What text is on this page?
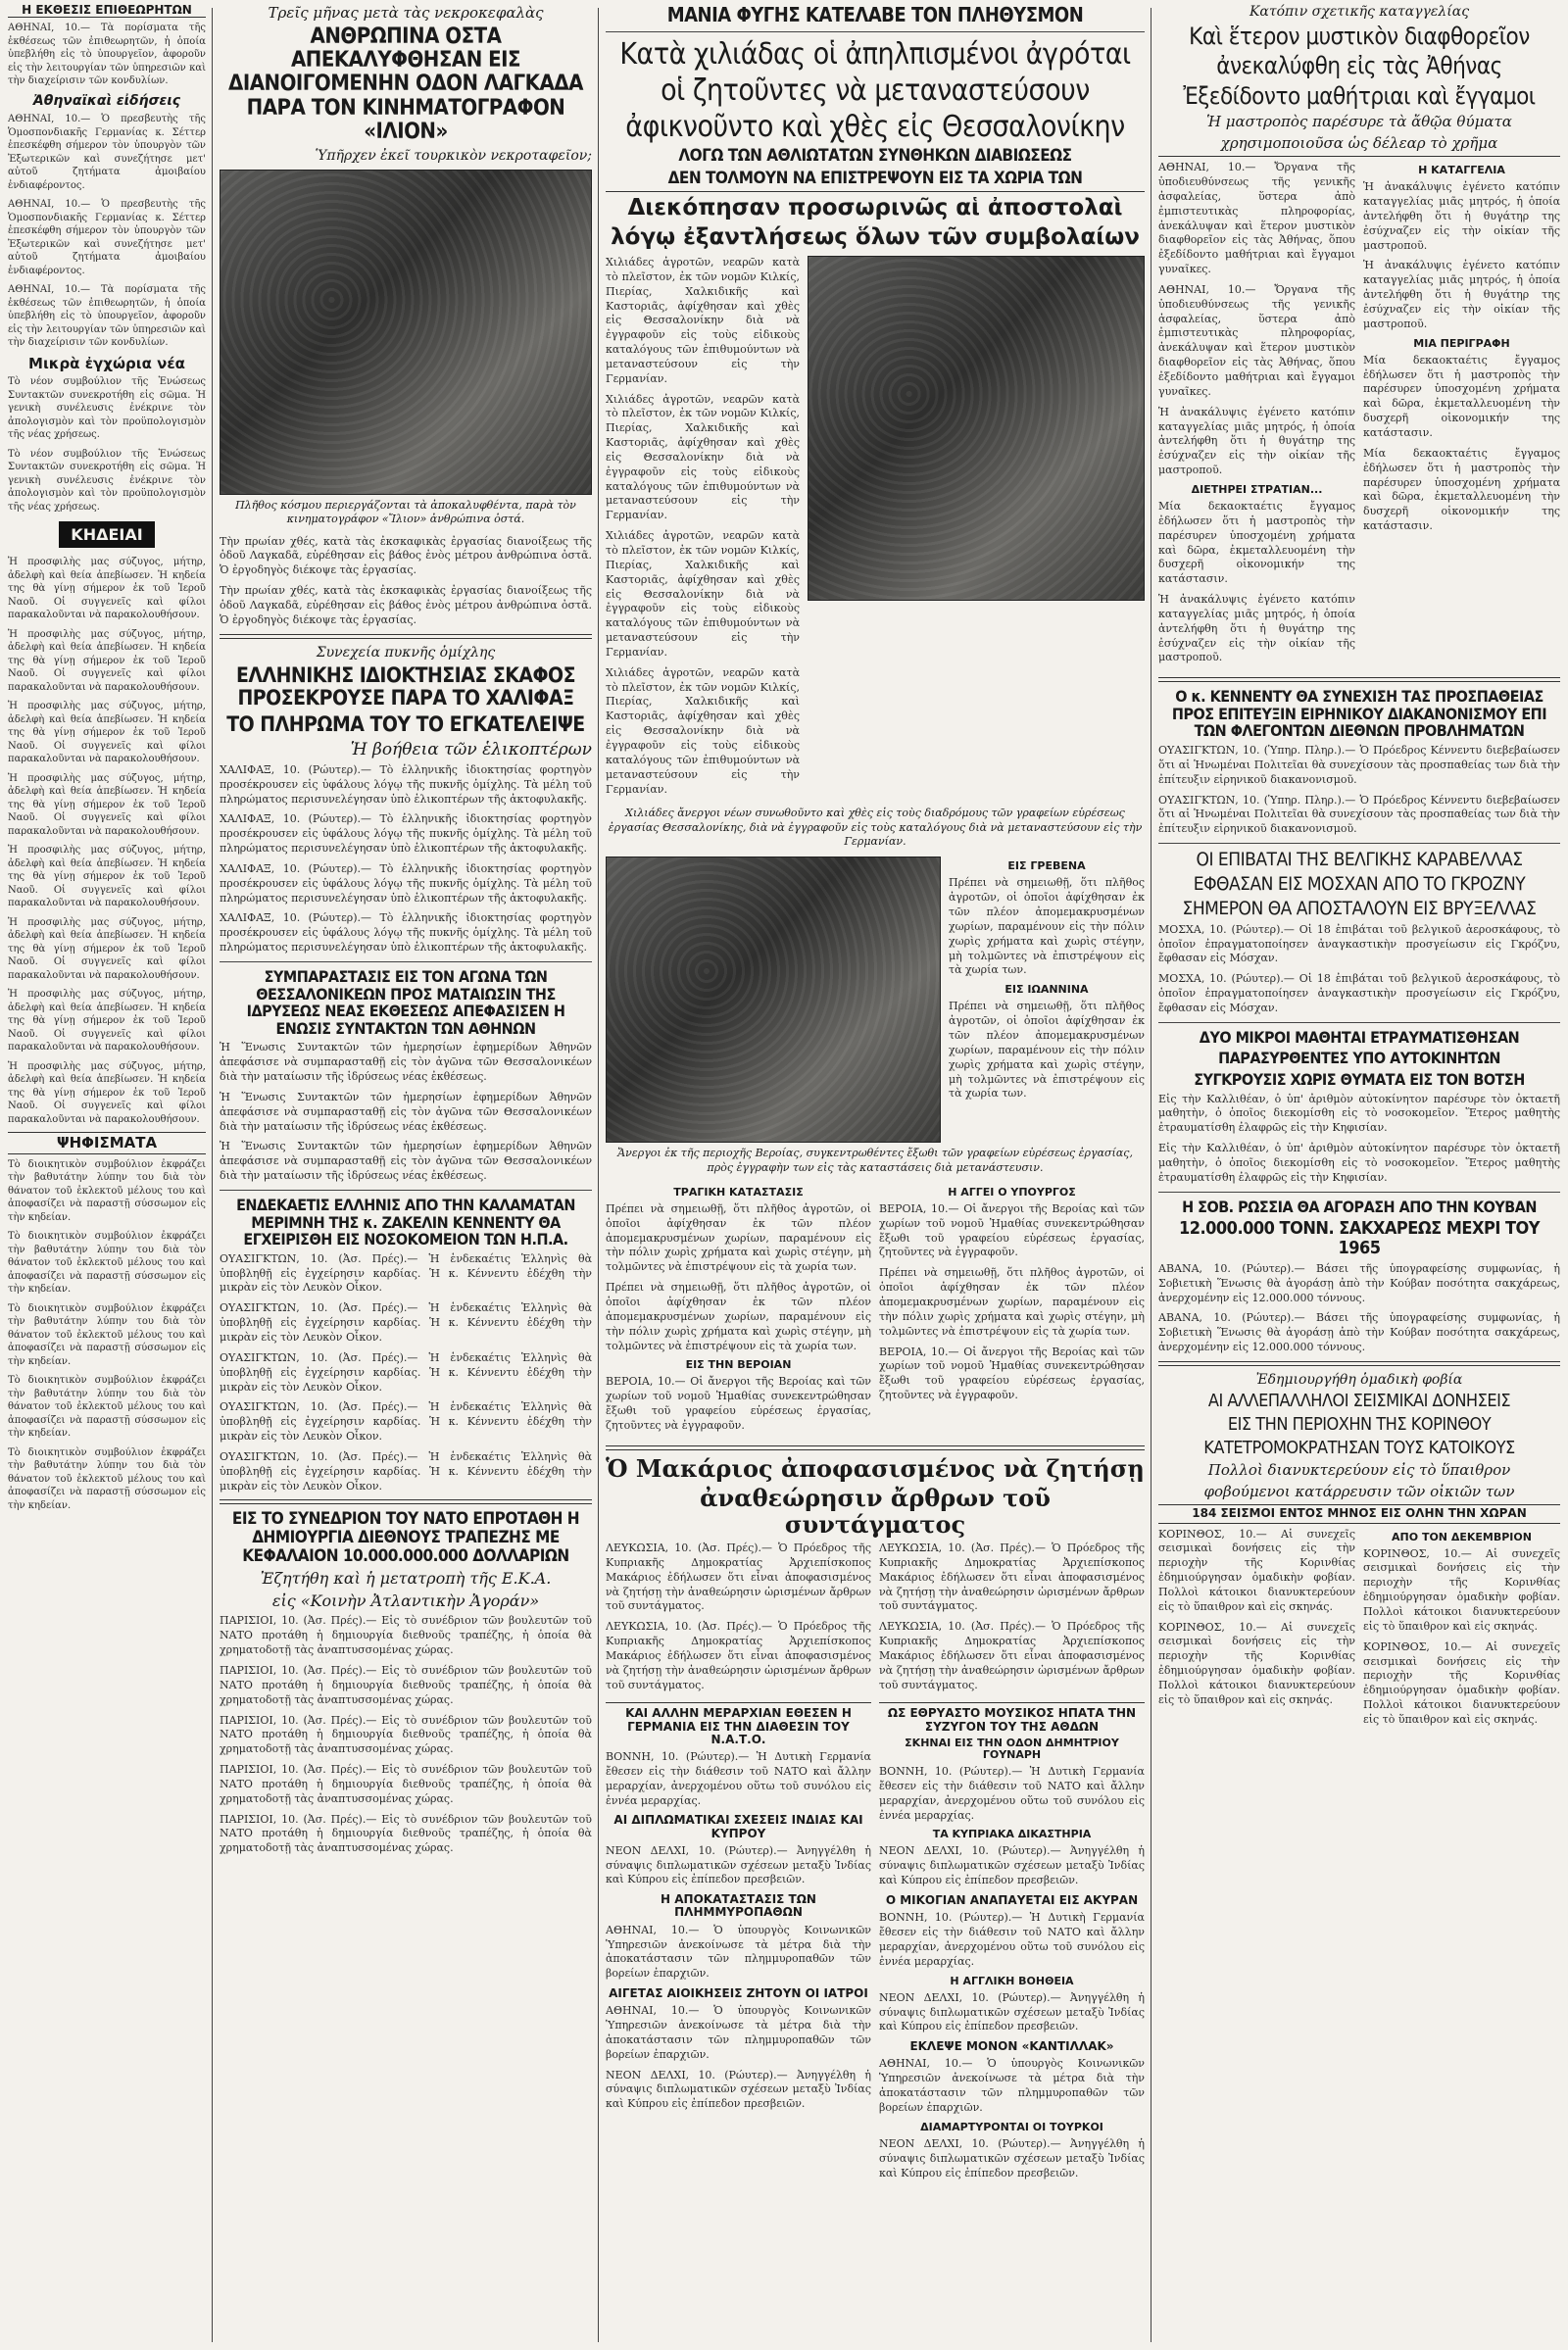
Η ΕΚΘΕΣΙΣ ΕΠΙΘΕΩΡΗΤΩΝ

ΑΘΗΝΑΙ, 10.— Τὰ πορίσματα τῆς ἐκθέσεως τῶν ἐπιθεωρητῶν, ἡ ὁποία ὑπεβλήθη εἰς τὸ ὑπουργεῖον, ἀφοροῦν εἰς τὴν λειτουργίαν τῶν ὑπηρεσιῶν καὶ τὴν διαχείρισιν τῶν κονδυλίων.

Ἀθηναϊκαὶ εἰδήσεις

ΑΘΗΝΑΙ, 10.— Ὁ πρεσβευτὴς τῆς Ὁμοσπονδιακῆς Γερμανίας κ. Σέττερ ἐπεσκέφθη σήμερον τὸν ὑπουργὸν τῶν Ἐξωτερικῶν καὶ συνεζήτησε μετ' αὐτοῦ ζητήματα ἀμοιβαίου ἐνδιαφέροντος.

ΑΘΗΝΑΙ, 10.— Ὁ πρεσβευτὴς τῆς Ὁμοσπονδιακῆς Γερμανίας κ. Σέττερ ἐπεσκέφθη σήμερον τὸν ὑπουργὸν τῶν Ἐξωτερικῶν καὶ συνεζήτησε μετ' αὐτοῦ ζητήματα ἀμοιβαίου ἐνδιαφέροντος.

ΑΘΗΝΑΙ, 10.— Τὰ πορίσματα τῆς ἐκθέσεως τῶν ἐπιθεωρητῶν, ἡ ὁποία ὑπεβλήθη εἰς τὸ ὑπουργεῖον, ἀφοροῦν εἰς τὴν λειτουργίαν τῶν ὑπηρεσιῶν καὶ τὴν διαχείρισιν τῶν κονδυλίων.

Μικρὰ ἐγχώρια νέα

Τὸ νέον συμβούλιον τῆς Ἑνώσεως Συντακτῶν συνεκροτήθη εἰς σῶμα. Ἡ γενικὴ συνέλευσις ἐνέκρινε τὸν ἀπολογισμὸν καὶ τὸν προϋπολογισμὸν τῆς νέας χρήσεως.

Τὸ νέον συμβούλιον τῆς Ἑνώσεως Συντακτῶν συνεκροτήθη εἰς σῶμα. Ἡ γενικὴ συνέλευσις ἐνέκρινε τὸν ἀπολογισμὸν καὶ τὸν προϋπολογισμὸν τῆς νέας χρήσεως.

ΚΗΔΕΙΑΙ

Ἡ προσφιλὴς μας σύζυγος, μήτηρ, ἀδελφὴ καὶ θεία ἀπεβίωσεν. Ἡ κηδεία της θὰ γίνῃ σήμερον ἐκ τοῦ Ἱεροῦ Ναοῦ. Οἱ συγγενεῖς καὶ φίλοι παρακαλοῦνται νὰ παρακολουθήσουν.

Ἡ προσφιλὴς μας σύζυγος, μήτηρ, ἀδελφὴ καὶ θεία ἀπεβίωσεν. Ἡ κηδεία της θὰ γίνῃ σήμερον ἐκ τοῦ Ἱεροῦ Ναοῦ. Οἱ συγγενεῖς καὶ φίλοι παρακαλοῦνται νὰ παρακολουθήσουν.

Ἡ προσφιλὴς μας σύζυγος, μήτηρ, ἀδελφὴ καὶ θεία ἀπεβίωσεν. Ἡ κηδεία της θὰ γίνῃ σήμερον ἐκ τοῦ Ἱεροῦ Ναοῦ. Οἱ συγγενεῖς καὶ φίλοι παρακαλοῦνται νὰ παρακολουθήσουν.

Ἡ προσφιλὴς μας σύζυγος, μήτηρ, ἀδελφὴ καὶ θεία ἀπεβίωσεν. Ἡ κηδεία της θὰ γίνῃ σήμερον ἐκ τοῦ Ἱεροῦ Ναοῦ. Οἱ συγγενεῖς καὶ φίλοι παρακαλοῦνται νὰ παρακολουθήσουν.

Ἡ προσφιλὴς μας σύζυγος, μήτηρ, ἀδελφὴ καὶ θεία ἀπεβίωσεν. Ἡ κηδεία της θὰ γίνῃ σήμερον ἐκ τοῦ Ἱεροῦ Ναοῦ. Οἱ συγγενεῖς καὶ φίλοι παρακαλοῦνται νὰ παρακολουθήσουν.

Ἡ προσφιλὴς μας σύζυγος, μήτηρ, ἀδελφὴ καὶ θεία ἀπεβίωσεν. Ἡ κηδεία της θὰ γίνῃ σήμερον ἐκ τοῦ Ἱεροῦ Ναοῦ. Οἱ συγγενεῖς καὶ φίλοι παρακαλοῦνται νὰ παρακολουθήσουν.

Ἡ προσφιλὴς μας σύζυγος, μήτηρ, ἀδελφὴ καὶ θεία ἀπεβίωσεν. Ἡ κηδεία της θὰ γίνῃ σήμερον ἐκ τοῦ Ἱεροῦ Ναοῦ. Οἱ συγγενεῖς καὶ φίλοι παρακαλοῦνται νὰ παρακολουθήσουν.

Ἡ προσφιλὴς μας σύζυγος, μήτηρ, ἀδελφὴ καὶ θεία ἀπεβίωσεν. Ἡ κηδεία της θὰ γίνῃ σήμερον ἐκ τοῦ Ἱεροῦ Ναοῦ. Οἱ συγγενεῖς καὶ φίλοι παρακαλοῦνται νὰ παρακολουθήσουν.

ΨΗΦΙΣΜΑΤΑ

Τὸ διοικητικὸν συμβούλιον ἐκφράζει τὴν βαθυτάτην λύπην του διὰ τὸν θάνατον τοῦ ἐκλεκτοῦ μέλους του καὶ ἀποφασίζει νὰ παραστῇ σύσσωμον εἰς τὴν κηδείαν.

Τὸ διοικητικὸν συμβούλιον ἐκφράζει τὴν βαθυτάτην λύπην του διὰ τὸν θάνατον τοῦ ἐκλεκτοῦ μέλους του καὶ ἀποφασίζει νὰ παραστῇ σύσσωμον εἰς τὴν κηδείαν.

Τὸ διοικητικὸν συμβούλιον ἐκφράζει τὴν βαθυτάτην λύπην του διὰ τὸν θάνατον τοῦ ἐκλεκτοῦ μέλους του καὶ ἀποφασίζει νὰ παραστῇ σύσσωμον εἰς τὴν κηδείαν.

Τὸ διοικητικὸν συμβούλιον ἐκφράζει τὴν βαθυτάτην λύπην του διὰ τὸν θάνατον τοῦ ἐκλεκτοῦ μέλους του καὶ ἀποφασίζει νὰ παραστῇ σύσσωμον εἰς τὴν κηδείαν.

Τὸ διοικητικὸν συμβούλιον ἐκφράζει τὴν βαθυτάτην λύπην του διὰ τὸν θάνατον τοῦ ἐκλεκτοῦ μέλους του καὶ ἀποφασίζει νὰ παραστῇ σύσσωμον εἰς τὴν κηδείαν.

Τρεῖς μῆνας μετὰ τὰς νεκροκεφαλὰς
ΑΝΘΡΩΠΙΝΑ ΟΣΤΑ ΑΠΕΚΑΛΥΦΘΗΣΑΝ ΕΙΣ ΔΙΑΝΟΙΓΟΜΕΝΗΝ ΟΔΟΝ ΛΑΓΚΑΔΑ ΠΑΡΑ ΤΟΝ ΚΙΝΗΜΑΤΟΓΡΑΦΟΝ «ΙΛΙΟΝ»
Ὑπῆρχεν ἐκεῖ τουρκικὸν νεκροταφεῖον;
Πλῆθος κόσμου περιεργάζονται τὰ ἀποκαλυφθέντα, παρὰ τὸν κινηματογράφον «Ἴλιον» ἀνθρώπινα ὀστά.

Τὴν πρωίαν χθές, κατὰ τὰς ἐκσκαφικὰς ἐργασίας διανοίξεως τῆς ὁδοῦ Λαγκαδᾶ, εὑρέθησαν εἰς βάθος ἑνὸς μέτρου ἀνθρώπινα ὀστᾶ. Ὁ ἐργοδηγὸς διέκοψε τὰς ἐργασίας.

Τὴν πρωίαν χθές, κατὰ τὰς ἐκσκαφικὰς ἐργασίας διανοίξεως τῆς ὁδοῦ Λαγκαδᾶ, εὑρέθησαν εἰς βάθος ἑνὸς μέτρου ἀνθρώπινα ὀστᾶ. Ὁ ἐργοδηγὸς διέκοψε τὰς ἐργασίας.

Συνεχεία πυκνῆς ὁμίχλης
ΕΛΛΗΝΙΚΗΣ ΙΔΙΟΚΤΗΣΙΑΣ ΣΚΑΦΟΣ ΠΡΟΣΕΚΡΟΥΣΕ ΠΑΡΑ ΤΟ ΧΑΛΙΦΑΞ
ΤΟ ΠΛΗΡΩΜΑ ΤΟΥ ΤΟ ΕΓΚΑΤΕΛΕΙΨΕ
Ἡ βοήθεια τῶν ἑλικοπτέρων

ΧΑΛΙΦΑΞ, 10. (Ρώυτερ).— Τὸ ἑλληνικῆς ἰδιοκτησίας φορτηγὸν προσέκρουσεν εἰς ὑφάλους λόγῳ τῆς πυκνῆς ὁμίχλης. Τὰ μέλη τοῦ πληρώματος περισυνελέγησαν ὑπὸ ἑλικοπτέρων τῆς ἀκτοφυλακῆς.

ΧΑΛΙΦΑΞ, 10. (Ρώυτερ).— Τὸ ἑλληνικῆς ἰδιοκτησίας φορτηγὸν προσέκρουσεν εἰς ὑφάλους λόγῳ τῆς πυκνῆς ὁμίχλης. Τὰ μέλη τοῦ πληρώματος περισυνελέγησαν ὑπὸ ἑλικοπτέρων τῆς ἀκτοφυλακῆς.

ΧΑΛΙΦΑΞ, 10. (Ρώυτερ).— Τὸ ἑλληνικῆς ἰδιοκτησίας φορτηγὸν προσέκρουσεν εἰς ὑφάλους λόγῳ τῆς πυκνῆς ὁμίχλης. Τὰ μέλη τοῦ πληρώματος περισυνελέγησαν ὑπὸ ἑλικοπτέρων τῆς ἀκτοφυλακῆς.

ΧΑΛΙΦΑΞ, 10. (Ρώυτερ).— Τὸ ἑλληνικῆς ἰδιοκτησίας φορτηγὸν προσέκρουσεν εἰς ὑφάλους λόγῳ τῆς πυκνῆς ὁμίχλης. Τὰ μέλη τοῦ πληρώματος περισυνελέγησαν ὑπὸ ἑλικοπτέρων τῆς ἀκτοφυλακῆς.

ΣΥΜΠΑΡΑΣΤΑΣΙΣ ΕΙΣ ΤΟΝ ΑΓΩΝΑ ΤΩΝ ΘΕΣΣΑΛΟΝΙΚΕΩΝ ΠΡΟΣ ΜΑΤΑΙΩΣΙΝ ΤΗΣ ΙΔΡΥΣΕΩΣ ΝΕΑΣ ΕΚΘΕΣΕΩΣ ΑΠΕΦΑΣΙΣΕΝ Η ΕΝΩΣΙΣ ΣΥΝΤΑΚΤΩΝ ΤΩΝ ΑΘΗΝΩΝ

Ἡ Ἕνωσις Συντακτῶν τῶν ἡμερησίων ἐφημερίδων Ἀθηνῶν ἀπεφάσισε νὰ συμπαρασταθῇ εἰς τὸν ἀγῶνα τῶν Θεσσαλονικέων διὰ τὴν ματαίωσιν τῆς ἱδρύσεως νέας ἐκθέσεως.

Ἡ Ἕνωσις Συντακτῶν τῶν ἡμερησίων ἐφημερίδων Ἀθηνῶν ἀπεφάσισε νὰ συμπαρασταθῇ εἰς τὸν ἀγῶνα τῶν Θεσσαλονικέων διὰ τὴν ματαίωσιν τῆς ἱδρύσεως νέας ἐκθέσεως.

Ἡ Ἕνωσις Συντακτῶν τῶν ἡμερησίων ἐφημερίδων Ἀθηνῶν ἀπεφάσισε νὰ συμπαρασταθῇ εἰς τὸν ἀγῶνα τῶν Θεσσαλονικέων διὰ τὴν ματαίωσιν τῆς ἱδρύσεως νέας ἐκθέσεως.

ΕΝΔΕΚΑΕΤΙΣ ΕΛΛΗΝΙΣ ΑΠΟ ΤΗΝ ΚΑΛΑΜΑΤΑΝ ΜΕΡΙΜΝΗ ΤΗΣ κ. ΖΑΚΕΛΙΝ ΚΕΝΝΕΝΤΥ ΘΑ ΕΓΧΕΙΡΙΣΘΗ ΕΙΣ ΝΟΣΟΚΟΜΕΙΟΝ ΤΩΝ Η.Π.Α.

ΟΥΑΣΙΓΚΤΩΝ, 10. (Ἀσ. Πρές).— Ἡ ἑνδεκαέτις Ἑλληνὶς θὰ ὑποβληθῇ εἰς ἐγχείρησιν καρδίας. Ἡ κ. Κέννεντυ ἐδέχθη τὴν μικρὰν εἰς τὸν Λευκὸν Οἶκον.

ΟΥΑΣΙΓΚΤΩΝ, 10. (Ἀσ. Πρές).— Ἡ ἑνδεκαέτις Ἑλληνὶς θὰ ὑποβληθῇ εἰς ἐγχείρησιν καρδίας. Ἡ κ. Κέννεντυ ἐδέχθη τὴν μικρὰν εἰς τὸν Λευκὸν Οἶκον.

ΟΥΑΣΙΓΚΤΩΝ, 10. (Ἀσ. Πρές).— Ἡ ἑνδεκαέτις Ἑλληνὶς θὰ ὑποβληθῇ εἰς ἐγχείρησιν καρδίας. Ἡ κ. Κέννεντυ ἐδέχθη τὴν μικρὰν εἰς τὸν Λευκὸν Οἶκον.

ΟΥΑΣΙΓΚΤΩΝ, 10. (Ἀσ. Πρές).— Ἡ ἑνδεκαέτις Ἑλληνὶς θὰ ὑποβληθῇ εἰς ἐγχείρησιν καρδίας. Ἡ κ. Κέννεντυ ἐδέχθη τὴν μικρὰν εἰς τὸν Λευκὸν Οἶκον.

ΟΥΑΣΙΓΚΤΩΝ, 10. (Ἀσ. Πρές).— Ἡ ἑνδεκαέτις Ἑλληνὶς θὰ ὑποβληθῇ εἰς ἐγχείρησιν καρδίας. Ἡ κ. Κέννεντυ ἐδέχθη τὴν μικρὰν εἰς τὸν Λευκὸν Οἶκον.

ΕΙΣ ΤΟ ΣΥΝΕΔΡΙΟΝ ΤΟΥ ΝΑΤΟ ΕΠΡΟΤΑΘΗ Η ΔΗΜΙΟΥΡΓΙΑ ΔΙΕΘΝΟΥΣ ΤΡΑΠΕΖΗΣ ΜΕ ΚΕΦΑΛΑΙΟΝ 10.000.000.000 ΔΟΛΛΑΡΙΩΝ
Ἐζητήθη καὶ ἡ μετατροπὴ τῆς Ε.Κ.Α.
εἰς «Κοινὴν Ἀτλαντικὴν Ἀγοράν»

ΠΑΡΙΣΙΟΙ, 10. (Ἀσ. Πρές).— Εἰς τὸ συνέδριον τῶν βουλευτῶν τοῦ ΝΑΤΟ προτάθη ἡ δημιουργία διεθνοῦς τραπέζης, ἡ ὁποία θὰ χρηματοδοτῇ τὰς ἀναπτυσσομένας χώρας.

ΠΑΡΙΣΙΟΙ, 10. (Ἀσ. Πρές).— Εἰς τὸ συνέδριον τῶν βουλευτῶν τοῦ ΝΑΤΟ προτάθη ἡ δημιουργία διεθνοῦς τραπέζης, ἡ ὁποία θὰ χρηματοδοτῇ τὰς ἀναπτυσσομένας χώρας.

ΠΑΡΙΣΙΟΙ, 10. (Ἀσ. Πρές).— Εἰς τὸ συνέδριον τῶν βουλευτῶν τοῦ ΝΑΤΟ προτάθη ἡ δημιουργία διεθνοῦς τραπέζης, ἡ ὁποία θὰ χρηματοδοτῇ τὰς ἀναπτυσσομένας χώρας.

ΠΑΡΙΣΙΟΙ, 10. (Ἀσ. Πρές).— Εἰς τὸ συνέδριον τῶν βουλευτῶν τοῦ ΝΑΤΟ προτάθη ἡ δημιουργία διεθνοῦς τραπέζης, ἡ ὁποία θὰ χρηματοδοτῇ τὰς ἀναπτυσσομένας χώρας.

ΠΑΡΙΣΙΟΙ, 10. (Ἀσ. Πρές).— Εἰς τὸ συνέδριον τῶν βουλευτῶν τοῦ ΝΑΤΟ προτάθη ἡ δημιουργία διεθνοῦς τραπέζης, ἡ ὁποία θὰ χρηματοδοτῇ τὰς ἀναπτυσσομένας χώρας.

ΜΑΝΙΑ ΦΥΓΗΣ ΚΑΤΕΛΑΒΕ ΤΟΝ ΠΛΗΘΥΣΜΟΝ
Κατὰ χιλιάδας οἱ ἀπηλπισμένοι ἀγρόται
οἱ ζητοῦντες νὰ μεταναστεύσουν
ἀφικνοῦντο καὶ χθὲς εἰς Θεσσαλονίκην
ΛΟΓΩ ΤΩΝ ΑΘΛΙΩΤΑΤΩΝ ΣΥΝΘΗΚΩΝ ΔΙΑΒΙΩΣΕΩΣ
ΔΕΝ ΤΟΛΜΟΥΝ ΝΑ ΕΠΙΣΤΡΕΨΟΥΝ ΕΙΣ ΤΑ ΧΩΡΙΑ ΤΩΝ
Διεκόπησαν προσωρινῶς αἱ ἀποστολαὶ
λόγῳ ἐξαντλήσεως ὅλων τῶν συμβολαίων

Χιλιάδες ἀγροτῶν, νεαρῶν κατὰ τὸ πλεῖστον, ἐκ τῶν νομῶν Κιλκίς, Πιερίας, Χαλκιδικῆς καὶ Καστοριᾶς, ἀφίχθησαν καὶ χθὲς εἰς Θεσσαλονίκην διὰ νὰ ἐγγραφοῦν εἰς τοὺς εἰδικοὺς καταλόγους τῶν ἐπιθυμούντων νὰ μεταναστεύσουν εἰς τὴν Γερμανίαν.

Χιλιάδες ἀγροτῶν, νεαρῶν κατὰ τὸ πλεῖστον, ἐκ τῶν νομῶν Κιλκίς, Πιερίας, Χαλκιδικῆς καὶ Καστοριᾶς, ἀφίχθησαν καὶ χθὲς εἰς Θεσσαλονίκην διὰ νὰ ἐγγραφοῦν εἰς τοὺς εἰδικοὺς καταλόγους τῶν ἐπιθυμούντων νὰ μεταναστεύσουν εἰς τὴν Γερμανίαν.

Χιλιάδες ἀγροτῶν, νεαρῶν κατὰ τὸ πλεῖστον, ἐκ τῶν νομῶν Κιλκίς, Πιερίας, Χαλκιδικῆς καὶ Καστοριᾶς, ἀφίχθησαν καὶ χθὲς εἰς Θεσσαλονίκην διὰ νὰ ἐγγραφοῦν εἰς τοὺς εἰδικοὺς καταλόγους τῶν ἐπιθυμούντων νὰ μεταναστεύσουν εἰς τὴν Γερμανίαν.

Χιλιάδες ἀγροτῶν, νεαρῶν κατὰ τὸ πλεῖστον, ἐκ τῶν νομῶν Κιλκίς, Πιερίας, Χαλκιδικῆς καὶ Καστοριᾶς, ἀφίχθησαν καὶ χθὲς εἰς Θεσσαλονίκην διὰ νὰ ἐγγραφοῦν εἰς τοὺς εἰδικοὺς καταλόγους τῶν ἐπιθυμούντων νὰ μεταναστεύσουν εἰς τὴν Γερμανίαν.

Χιλιάδες ἄνεργοι νέων συνωθοῦντο καὶ χθὲς εἰς τοὺς διαδρόμους τῶν γραφείων εὑρέσεως ἐργασίας Θεσσαλονίκης, διὰ νὰ ἐγγραφοῦν εἰς τοὺς καταλόγους διὰ νὰ μεταναστεύσουν εἰς τὴν Γερμανίαν.
ΕΙΣ ΓΡΕΒΕΝΑ

Πρέπει νὰ σημειωθῇ, ὅτι πλῆθος ἀγροτῶν, οἱ ὁποῖοι ἀφίχθησαν ἐκ τῶν πλέον ἀπομεμακρυσμένων χωρίων, παραμένουν εἰς τὴν πόλιν χωρὶς χρήματα καὶ χωρὶς στέγην, μὴ τολμῶντες νὰ ἐπιστρέψουν εἰς τὰ χωρία των.

ΕΙΣ ΙΩΑΝΝΙΝΑ

Πρέπει νὰ σημειωθῇ, ὅτι πλῆθος ἀγροτῶν, οἱ ὁποῖοι ἀφίχθησαν ἐκ τῶν πλέον ἀπομεμακρυσμένων χωρίων, παραμένουν εἰς τὴν πόλιν χωρὶς χρήματα καὶ χωρὶς στέγην, μὴ τολμῶντες νὰ ἐπιστρέψουν εἰς τὰ χωρία των.

Ἄνεργοι ἐκ τῆς περιοχῆς Βεροίας, συγκεντρωθέντες ἔξωθι τῶν γραφείων εὑρέσεως ἐργασίας, πρὸς ἐγγραφὴν των εἰς τὰς καταστάσεις διὰ μετανάστευσιν.
ΤΡΑΓΙΚΗ ΚΑΤΑΣΤΑΣΙΣ

Πρέπει νὰ σημειωθῇ, ὅτι πλῆθος ἀγροτῶν, οἱ ὁποῖοι ἀφίχθησαν ἐκ τῶν πλέον ἀπομεμακρυσμένων χωρίων, παραμένουν εἰς τὴν πόλιν χωρὶς χρήματα καὶ χωρὶς στέγην, μὴ τολμῶντες νὰ ἐπιστρέψουν εἰς τὰ χωρία των.

Πρέπει νὰ σημειωθῇ, ὅτι πλῆθος ἀγροτῶν, οἱ ὁποῖοι ἀφίχθησαν ἐκ τῶν πλέον ἀπομεμακρυσμένων χωρίων, παραμένουν εἰς τὴν πόλιν χωρὶς χρήματα καὶ χωρὶς στέγην, μὴ τολμῶντες νὰ ἐπιστρέψουν εἰς τὰ χωρία των.

ΕΙΣ ΤΗΝ ΒΕΡΟΙΑΝ

ΒΕΡΟΙΑ, 10.— Οἱ ἄνεργοι τῆς Βεροίας καὶ τῶν χωρίων τοῦ νομοῦ Ἠμαθίας συνεκεντρώθησαν ἔξωθι τοῦ γραφείου εὑρέσεως ἐργασίας, ζητοῦντες νὰ ἐγγραφοῦν.

Η ΑΓΓΕΙ Ο ΥΠΟΥΡΓΟΣ

ΒΕΡΟΙΑ, 10.— Οἱ ἄνεργοι τῆς Βεροίας καὶ τῶν χωρίων τοῦ νομοῦ Ἠμαθίας συνεκεντρώθησαν ἔξωθι τοῦ γραφείου εὑρέσεως ἐργασίας, ζητοῦντες νὰ ἐγγραφοῦν.

Πρέπει νὰ σημειωθῇ, ὅτι πλῆθος ἀγροτῶν, οἱ ὁποῖοι ἀφίχθησαν ἐκ τῶν πλέον ἀπομεμακρυσμένων χωρίων, παραμένουν εἰς τὴν πόλιν χωρὶς χρήματα καὶ χωρὶς στέγην, μὴ τολμῶντες νὰ ἐπιστρέψουν εἰς τὰ χωρία των.

ΒΕΡΟΙΑ, 10.— Οἱ ἄνεργοι τῆς Βεροίας καὶ τῶν χωρίων τοῦ νομοῦ Ἠμαθίας συνεκεντρώθησαν ἔξωθι τοῦ γραφείου εὑρέσεως ἐργασίας, ζητοῦντες νὰ ἐγγραφοῦν.

Ὁ Μακάριος ἀποφασισμένος νὰ ζητήσῃ
ἀναθεώρησιν ἄρθρων τοῦ συντάγματος

ΛΕΥΚΩΣΙΑ, 10. (Ἀσ. Πρές).— Ὁ Πρόεδρος τῆς Κυπριακῆς Δημοκρατίας Ἀρχιεπίσκοπος Μακάριος ἐδήλωσεν ὅτι εἶναι ἀποφασισμένος νὰ ζητήσῃ τὴν ἀναθεώρησιν ὡρισμένων ἄρθρων τοῦ συντάγματος.

ΛΕΥΚΩΣΙΑ, 10. (Ἀσ. Πρές).— Ὁ Πρόεδρος τῆς Κυπριακῆς Δημοκρατίας Ἀρχιεπίσκοπος Μακάριος ἐδήλωσεν ὅτι εἶναι ἀποφασισμένος νὰ ζητήσῃ τὴν ἀναθεώρησιν ὡρισμένων ἄρθρων τοῦ συντάγματος.

ΛΕΥΚΩΣΙΑ, 10. (Ἀσ. Πρές).— Ὁ Πρόεδρος τῆς Κυπριακῆς Δημοκρατίας Ἀρχιεπίσκοπος Μακάριος ἐδήλωσεν ὅτι εἶναι ἀποφασισμένος νὰ ζητήσῃ τὴν ἀναθεώρησιν ὡρισμένων ἄρθρων τοῦ συντάγματος.

ΛΕΥΚΩΣΙΑ, 10. (Ἀσ. Πρές).— Ὁ Πρόεδρος τῆς Κυπριακῆς Δημοκρατίας Ἀρχιεπίσκοπος Μακάριος ἐδήλωσεν ὅτι εἶναι ἀποφασισμένος νὰ ζητήσῃ τὴν ἀναθεώρησιν ὡρισμένων ἄρθρων τοῦ συντάγματος.

ΚΑΙ ΑΛΛΗΝ ΜΕΡΑΡΧΙΑΝ ΕΘΕΣΕΝ Η ΓΕΡΜΑΝΙΑ ΕΙΣ ΤΗΝ ΔΙΑΘΕΣΙΝ ΤΟΥ Ν.Α.Τ.Ο.

ΒΟΝΝΗ, 10. (Ρώυτερ).— Ἡ Δυτικὴ Γερμανία ἔθεσεν εἰς τὴν διάθεσιν τοῦ ΝΑΤΟ καὶ ἄλλην μεραρχίαν, ἀνερχομένου οὕτω τοῦ συνόλου εἰς ἐννέα μεραρχίας.

ΑΙ ΔΙΠΛΩΜΑΤΙΚΑΙ ΣΧΕΣΕΙΣ ΙΝΔΙΑΣ ΚΑΙ ΚΥΠΡΟΥ

ΝΕΟΝ ΔΕΛΧΙ, 10. (Ρώυτερ).— Ἀνηγγέλθη ἡ σύναψις διπλωματικῶν σχέσεων μεταξὺ Ἰνδίας καὶ Κύπρου εἰς ἐπίπεδον πρεσβειῶν.

Η ΑΠΟΚΑΤΑΣΤΑΣΙΣ ΤΩΝ ΠΛΗΜΜΥΡΟΠΑΘΩΝ

ΑΘΗΝΑΙ, 10.— Ὁ ὑπουργὸς Κοινωνικῶν Ὑπηρεσιῶν ἀνεκοίνωσε τὰ μέτρα διὰ τὴν ἀποκατάστασιν τῶν πλημμυροπαθῶν τῶν βορείων ἐπαρχιῶν.

ΑΙΓΕΤΑΣ ΑΙΟΙΚΗΣΕΙΣ ΖΗΤΟΥΝ ΟΙ ΙΑΤΡΟΙ

ΑΘΗΝΑΙ, 10.— Ὁ ὑπουργὸς Κοινωνικῶν Ὑπηρεσιῶν ἀνεκοίνωσε τὰ μέτρα διὰ τὴν ἀποκατάστασιν τῶν πλημμυροπαθῶν τῶν βορείων ἐπαρχιῶν.

ΝΕΟΝ ΔΕΛΧΙ, 10. (Ρώυτερ).— Ἀνηγγέλθη ἡ σύναψις διπλωματικῶν σχέσεων μεταξὺ Ἰνδίας καὶ Κύπρου εἰς ἐπίπεδον πρεσβειῶν.

ΩΣ ΕΘΡΥΑΣΤΟ ΜΟΥΣΙΚΟΣ ΗΠΑΤΑ ΤΗΝ ΣΥΖΥΓΟΝ ΤΟΥ ΤΗΣ ΑΘΔΩΝ
ΣΚΗΝΑΙ ΕΙΣ ΤΗΝ ΟΔΟΝ ΔΗΜΗΤΡΙΟΥ ΓΟΥΝΑΡΗ

ΒΟΝΝΗ, 10. (Ρώυτερ).— Ἡ Δυτικὴ Γερμανία ἔθεσεν εἰς τὴν διάθεσιν τοῦ ΝΑΤΟ καὶ ἄλλην μεραρχίαν, ἀνερχομένου οὕτω τοῦ συνόλου εἰς ἐννέα μεραρχίας.

ΤΑ ΚΥΠΡΙΑΚΑ ΔΙΚΑΣΤΗΡΙΑ

ΝΕΟΝ ΔΕΛΧΙ, 10. (Ρώυτερ).— Ἀνηγγέλθη ἡ σύναψις διπλωματικῶν σχέσεων μεταξὺ Ἰνδίας καὶ Κύπρου εἰς ἐπίπεδον πρεσβειῶν.

Ο ΜΙΚΟΓΙΑΝ ΑΝΑΠΑΥΕΤΑΙ ΕΙΣ ΑΚΥΡΑΝ

ΒΟΝΝΗ, 10. (Ρώυτερ).— Ἡ Δυτικὴ Γερμανία ἔθεσεν εἰς τὴν διάθεσιν τοῦ ΝΑΤΟ καὶ ἄλλην μεραρχίαν, ἀνερχομένου οὕτω τοῦ συνόλου εἰς ἐννέα μεραρχίας.

Η ΑΓΓΛΙΚΗ ΒΟΗΘΕΙΑ

ΝΕΟΝ ΔΕΛΧΙ, 10. (Ρώυτερ).— Ἀνηγγέλθη ἡ σύναψις διπλωματικῶν σχέσεων μεταξὺ Ἰνδίας καὶ Κύπρου εἰς ἐπίπεδον πρεσβειῶν.

ΕΚΛΕΨΕ ΜΟΝΟΝ «ΚΑΝΤΙΛΛΑΚ»

ΑΘΗΝΑΙ, 10.— Ὁ ὑπουργὸς Κοινωνικῶν Ὑπηρεσιῶν ἀνεκοίνωσε τὰ μέτρα διὰ τὴν ἀποκατάστασιν τῶν πλημμυροπαθῶν τῶν βορείων ἐπαρχιῶν.

ΔΙΑΜΑΡΤΥΡΟΝΤΑΙ ΟΙ ΤΟΥΡΚΟΙ

ΝΕΟΝ ΔΕΛΧΙ, 10. (Ρώυτερ).— Ἀνηγγέλθη ἡ σύναψις διπλωματικῶν σχέσεων μεταξὺ Ἰνδίας καὶ Κύπρου εἰς ἐπίπεδον πρεσβειῶν.

Κατόπιν σχετικῆς καταγγελίας
Καὶ ἕτερον μυστικὸν διαφθορεῖον
ἀνεκαλύφθη εἰς τὰς Ἀθήνας
Ἐξεδίδοντο μαθήτριαι καὶ ἔγγαμοι
Ἡ μαστροπὸς παρέσυρε τὰ ἄθῷα θύματα
χρησιμοποιοῦσα ὡς δέλεαρ τὸ χρῆμα

ΑΘΗΝΑΙ, 10.— Ὄργανα τῆς ὑποδιευθύνσεως τῆς γενικῆς ἀσφαλείας, ὕστερα ἀπὸ ἐμπιστευτικὰς πληροφορίας, ἀνεκάλυψαν καὶ ἕτερον μυστικὸν διαφθορεῖον εἰς τὰς Ἀθήνας, ὅπου ἐξεδίδοντο μαθήτριαι καὶ ἔγγαμοι γυναῖκες.

ΑΘΗΝΑΙ, 10.— Ὄργανα τῆς ὑποδιευθύνσεως τῆς γενικῆς ἀσφαλείας, ὕστερα ἀπὸ ἐμπιστευτικὰς πληροφορίας, ἀνεκάλυψαν καὶ ἕτερον μυστικὸν διαφθορεῖον εἰς τὰς Ἀθήνας, ὅπου ἐξεδίδοντο μαθήτριαι καὶ ἔγγαμοι γυναῖκες.

Ἡ ἀνακάλυψις ἐγένετο κατόπιν καταγγελίας μιᾶς μητρός, ἡ ὁποία ἀντελήφθη ὅτι ἡ θυγάτηρ της ἐσύχναζεν εἰς τὴν οἰκίαν τῆς μαστροποῦ.

ΔΙΕΤΗΡΕΙ ΣΤΡΑΤΙΑΝ...

Μία δεκαοκταέτις ἔγγαμος ἐδήλωσεν ὅτι ἡ μαστροπὸς τὴν παρέσυρεν ὑποσχομένη χρήματα καὶ δῶρα, ἐκμεταλλευομένη τὴν δυσχερῆ οἰκονομικήν της κατάστασιν.

Ἡ ἀνακάλυψις ἐγένετο κατόπιν καταγγελίας μιᾶς μητρός, ἡ ὁποία ἀντελήφθη ὅτι ἡ θυγάτηρ της ἐσύχναζεν εἰς τὴν οἰκίαν τῆς μαστροποῦ.

Η ΚΑΤΑΓΓΕΛΙΑ

Ἡ ἀνακάλυψις ἐγένετο κατόπιν καταγγελίας μιᾶς μητρός, ἡ ὁποία ἀντελήφθη ὅτι ἡ θυγάτηρ της ἐσύχναζεν εἰς τὴν οἰκίαν τῆς μαστροποῦ.

Ἡ ἀνακάλυψις ἐγένετο κατόπιν καταγγελίας μιᾶς μητρός, ἡ ὁποία ἀντελήφθη ὅτι ἡ θυγάτηρ της ἐσύχναζεν εἰς τὴν οἰκίαν τῆς μαστροποῦ.

ΜΙΑ ΠΕΡΙΓΡΑΦΗ

Μία δεκαοκταέτις ἔγγαμος ἐδήλωσεν ὅτι ἡ μαστροπὸς τὴν παρέσυρεν ὑποσχομένη χρήματα καὶ δῶρα, ἐκμεταλλευομένη τὴν δυσχερῆ οἰκονομικήν της κατάστασιν.

Μία δεκαοκταέτις ἔγγαμος ἐδήλωσεν ὅτι ἡ μαστροπὸς τὴν παρέσυρεν ὑποσχομένη χρήματα καὶ δῶρα, ἐκμεταλλευομένη τὴν δυσχερῆ οἰκονομικήν της κατάστασιν.

Ο κ. ΚΕΝΝΕΝΤΥ ΘΑ ΣΥΝΕΧΙΣΗ ΤΑΣ ΠΡΟΣΠΑΘΕΙΑΣ ΠΡΟΣ ΕΠΙΤΕΥΞΙΝ ΕΙΡΗΝΙΚΟΥ ΔΙΑΚΑΝΟΝΙΣΜΟΥ ΕΠΙ ΤΩΝ ΦΛΕΓΟΝΤΩΝ ΔΙΕΘΝΩΝ ΠΡΟΒΛΗΜΑΤΩΝ

ΟΥΑΣΙΓΚΤΩΝ, 10. (Ὑπηρ. Πληρ.).— Ὁ Πρόεδρος Κέννεντυ διεβεβαίωσεν ὅτι αἱ Ἡνωμέναι Πολιτεῖαι θὰ συνεχίσουν τὰς προσπαθείας των διὰ τὴν ἐπίτευξιν εἰρηνικοῦ διακανονισμοῦ.

ΟΥΑΣΙΓΚΤΩΝ, 10. (Ὑπηρ. Πληρ.).— Ὁ Πρόεδρος Κέννεντυ διεβεβαίωσεν ὅτι αἱ Ἡνωμέναι Πολιτεῖαι θὰ συνεχίσουν τὰς προσπαθείας των διὰ τὴν ἐπίτευξιν εἰρηνικοῦ διακανονισμοῦ.

ΟΙ ΕΠΙΒΑΤΑΙ ΤΗΣ ΒΕΛΓΙΚΗΣ ΚΑΡΑΒΕΛΛΑΣ
ΕΦΘΑΣΑΝ ΕΙΣ ΜΟΣΧΑΝ ΑΠΟ ΤΟ ΓΚΡΟΖΝΥ
ΣΗΜΕΡΟΝ ΘΑ ΑΠΟΣΤΑΛΟΥΝ ΕΙΣ ΒΡΥΞΕΛΛΑΣ

ΜΟΣΧΑ, 10. (Ρώυτερ).— Οἱ 18 ἐπιβάται τοῦ βελγικοῦ ἀεροσκάφους, τὸ ὁποῖον ἐπραγματοποίησεν ἀναγκαστικὴν προσγείωσιν εἰς Γκρόζνυ, ἔφθασαν εἰς Μόσχαν.

ΜΟΣΧΑ, 10. (Ρώυτερ).— Οἱ 18 ἐπιβάται τοῦ βελγικοῦ ἀεροσκάφους, τὸ ὁποῖον ἐπραγματοποίησεν ἀναγκαστικὴν προσγείωσιν εἰς Γκρόζνυ, ἔφθασαν εἰς Μόσχαν.

ΔΥΟ ΜΙΚΡΟΙ ΜΑΘΗΤΑΙ ΕΤΡΑΥΜΑΤΙΣΘΗΣΑΝ
ΠΑΡΑΣΥΡΘΕΝΤΕΣ ΥΠΟ ΑΥΤΟΚΙΝΗΤΩΝ
ΣΥΓΚΡΟΥΣΙΣ ΧΩΡΙΣ ΘΥΜΑΤΑ ΕΙΣ ΤΟΝ ΒΟΤΣΗ

Εἰς τὴν Καλλιθέαν, ὁ ὑπ' ἀριθμὸν αὐτοκίνητον παρέσυρε τὸν ὀκταετῆ μαθητὴν, ὁ ὁποῖος διεκομίσθη εἰς τὸ νοσοκομεῖον. Ἕτερος μαθητὴς ἐτραυματίσθη ἐλαφρῶς εἰς τὴν Κηφισίαν.

Εἰς τὴν Καλλιθέαν, ὁ ὑπ' ἀριθμὸν αὐτοκίνητον παρέσυρε τὸν ὀκταετῆ μαθητὴν, ὁ ὁποῖος διεκομίσθη εἰς τὸ νοσοκομεῖον. Ἕτερος μαθητὴς ἐτραυματίσθη ἐλαφρῶς εἰς τὴν Κηφισίαν.

Η ΣΟΒ. ΡΩΣΣΙΑ ΘΑ ΑΓΟΡΑΣΗ ΑΠΟ ΤΗΝ ΚΟΥΒΑΝ
12.000.000 ΤΟΝΝ. ΣΑΚΧΑΡΕΩΣ ΜΕΧΡΙ ΤΟΥ 1965

ΑΒΑΝΑ, 10. (Ρώυτερ).— Βάσει τῆς ὑπογραφείσης συμφωνίας, ἡ Σοβιετικὴ Ἕνωσις θὰ ἀγοράσῃ ἀπὸ τὴν Κούβαν ποσότητα σακχάρεως, ἀνερχομένην εἰς 12.000.000 τόννους.

ΑΒΑΝΑ, 10. (Ρώυτερ).— Βάσει τῆς ὑπογραφείσης συμφωνίας, ἡ Σοβιετικὴ Ἕνωσις θὰ ἀγοράσῃ ἀπὸ τὴν Κούβαν ποσότητα σακχάρεως, ἀνερχομένην εἰς 12.000.000 τόννους.

Ἐδημιουργήθη ὁμαδικὴ φοβία
ΑΙ ΑΛΛΕΠΑΛΛΗΛΟΙ ΣΕΙΣΜΙΚΑΙ ΔΟΝΗΣΕΙΣ
ΕΙΣ ΤΗΝ ΠΕΡΙΟΧΗΝ ΤΗΣ ΚΟΡΙΝΘΟΥ
ΚΑΤΕΤΡΟΜΟΚΡΑΤΗΣΑΝ ΤΟΥΣ ΚΑΤΟΙΚΟΥΣ
Πολλοὶ διανυκτερεύουν εἰς τὸ ὕπαιθρον
φοβούμενοι κατάρρευσιν τῶν οἰκιῶν των
184 ΣΕΙΣΜΟΙ ΕΝΤΟΣ ΜΗΝΟΣ ΕΙΣ ΟΛΗΝ ΤΗΝ ΧΩΡΑΝ

ΚΟΡΙΝΘΟΣ, 10.— Αἱ συνεχεῖς σεισμικαὶ δονήσεις εἰς τὴν περιοχὴν τῆς Κορινθίας ἐδημιούργησαν ὁμαδικὴν φοβίαν. Πολλοὶ κάτοικοι διανυκτερεύουν εἰς τὸ ὕπαιθρον καὶ εἰς σκηνάς.

ΚΟΡΙΝΘΟΣ, 10.— Αἱ συνεχεῖς σεισμικαὶ δονήσεις εἰς τὴν περιοχὴν τῆς Κορινθίας ἐδημιούργησαν ὁμαδικὴν φοβίαν. Πολλοὶ κάτοικοι διανυκτερεύουν εἰς τὸ ὕπαιθρον καὶ εἰς σκηνάς.

ΑΠΟ ΤΟΝ ΔΕΚΕΜΒΡΙΟΝ

ΚΟΡΙΝΘΟΣ, 10.— Αἱ συνεχεῖς σεισμικαὶ δονήσεις εἰς τὴν περιοχὴν τῆς Κορινθίας ἐδημιούργησαν ὁμαδικὴν φοβίαν. Πολλοὶ κάτοικοι διανυκτερεύουν εἰς τὸ ὕπαιθρον καὶ εἰς σκηνάς.

ΚΟΡΙΝΘΟΣ, 10.— Αἱ συνεχεῖς σεισμικαὶ δονήσεις εἰς τὴν περιοχὴν τῆς Κορινθίας ἐδημιούργησαν ὁμαδικὴν φοβίαν. Πολλοὶ κάτοικοι διανυκτερεύουν εἰς τὸ ὕπαιθρον καὶ εἰς σκηνάς.
